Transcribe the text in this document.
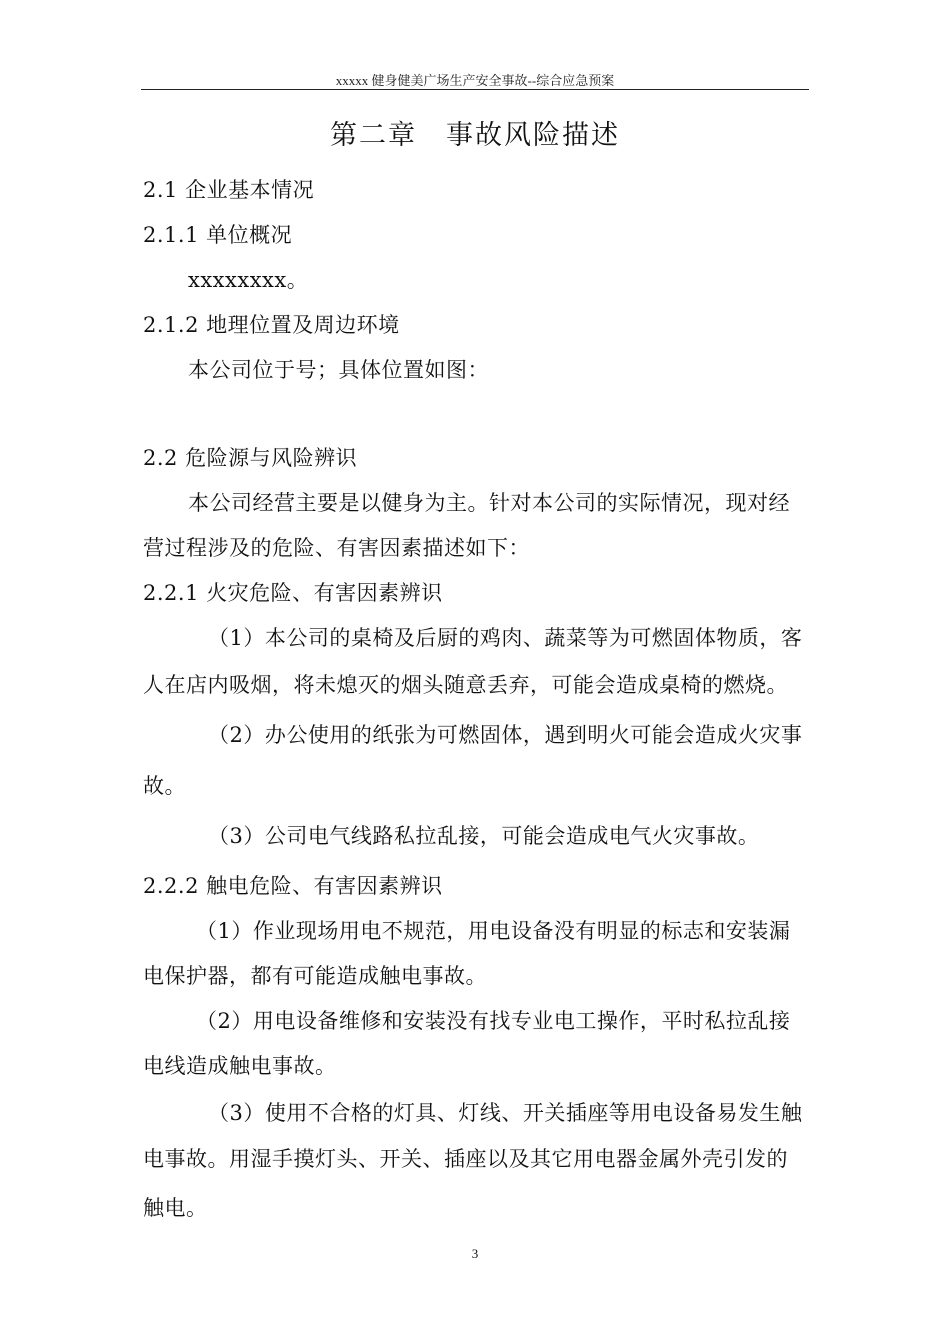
xxxxx 健身健美广场生产安全事故--综合应急预案
第二章　事故风险描述
2.1 企业基本情况
2.1.1 单位概况
xxxxxxxx。
2.1.2 地理位置及周边环境
本公司位于号；具体位置如图：
2.2 危险源与风险辨识
本公司经营主要是以健身为主。针对本公司的实际情况，现对经
营过程涉及的危险、有害因素描述如下：
2.2.1 火灾危险、有害因素辨识
（1）本公司的桌椅及后厨的鸡肉、蔬菜等为可燃固体物质，客
人在店内吸烟，将未熄灭的烟头随意丢弃，可能会造成桌椅的燃烧。
（2）办公使用的纸张为可燃固体，遇到明火可能会造成火灾事
故。
（3）公司电气线路私拉乱接，可能会造成电气火灾事故。
2.2.2 触电危险、有害因素辨识
（1）作业现场用电不规范，用电设备没有明显的标志和安装漏
电保护器，都有可能造成触电事故。
（2）用电设备维修和安装没有找专业电工操作，平时私拉乱接
电线造成触电事故。
（3）使用不合格的灯具、灯线、开关插座等用电设备易发生触
电事故。用湿手摸灯头、开关、插座以及其它用电器金属外壳引发的
触电。
3
